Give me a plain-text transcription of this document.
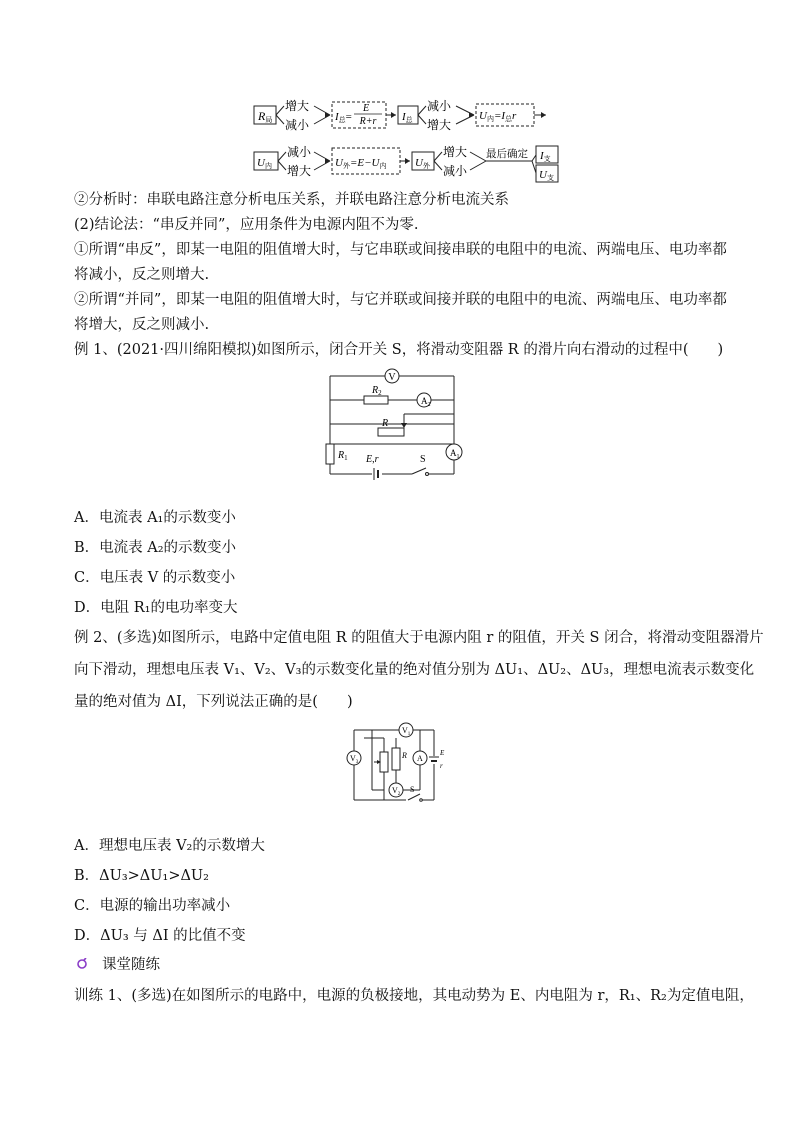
R局
增大
减小
I总=
E
R+r I总
减小
增大
U内=I总r
U内
减小
增大
U外=E−U内	U外
增大
减小
最后确定 I支
U支
②分析时：串联电路注意分析电压关系，并联电路注意分析电流关系
(2)结论法：“串反并同”，应用条件为电源内阻不为零.
①所谓“串反”，即某一电阻的阻值增大时，与它串联或间接串联的电阻中的电流、两端电压、电功率都
将减小，反之则增大.
②所谓“并同”，即某一电阻的阻值增大时，与它并联或间接并联的电阻中的电流、两端电压、电功率都
将增大，反之则减小.
例 1、(2021·四川绵阳模拟)如图所示，闭合开关 S，将滑动变阻器 R 的滑片向右滑动的过程中(　　)
V
$R_2$
$A_2$
R
$R_1$ E,r	S
$A_1$
A．电流表 A₁的示数变小
B．电流表 A₂的示数变小
C．电压表 V 的示数变小
D．电阻 R₁的电功率变大
例 2、(多选)如图所示，电路中定值电阻 R 的阻值大于电源内阻 r 的阻值，开关 S 闭合，将滑动变阻器滑片
向下滑动，理想电压表 V₁、V₂、V₃的示数变化量的绝对值分别为 ΔU₁、ΔU₂、ΔU₃，理想电流表示数变化
量的绝对值为 ΔI，下列说法正确的是(　　)
$V_3$
$V_1$
R A
$V_2$
E
r
S
A．理想电压表 V₂的示数增大
B．ΔU₃>ΔU₁>ΔU₂
C．电源的输出功率减小
D．ΔU₃ 与 ΔI 的比值不变
课堂随练
训练 1、(多选)在如图所示的电路中，电源的负极接地，其电动势为 E、内电阻为 r，R₁、R₂为定值电阻，
